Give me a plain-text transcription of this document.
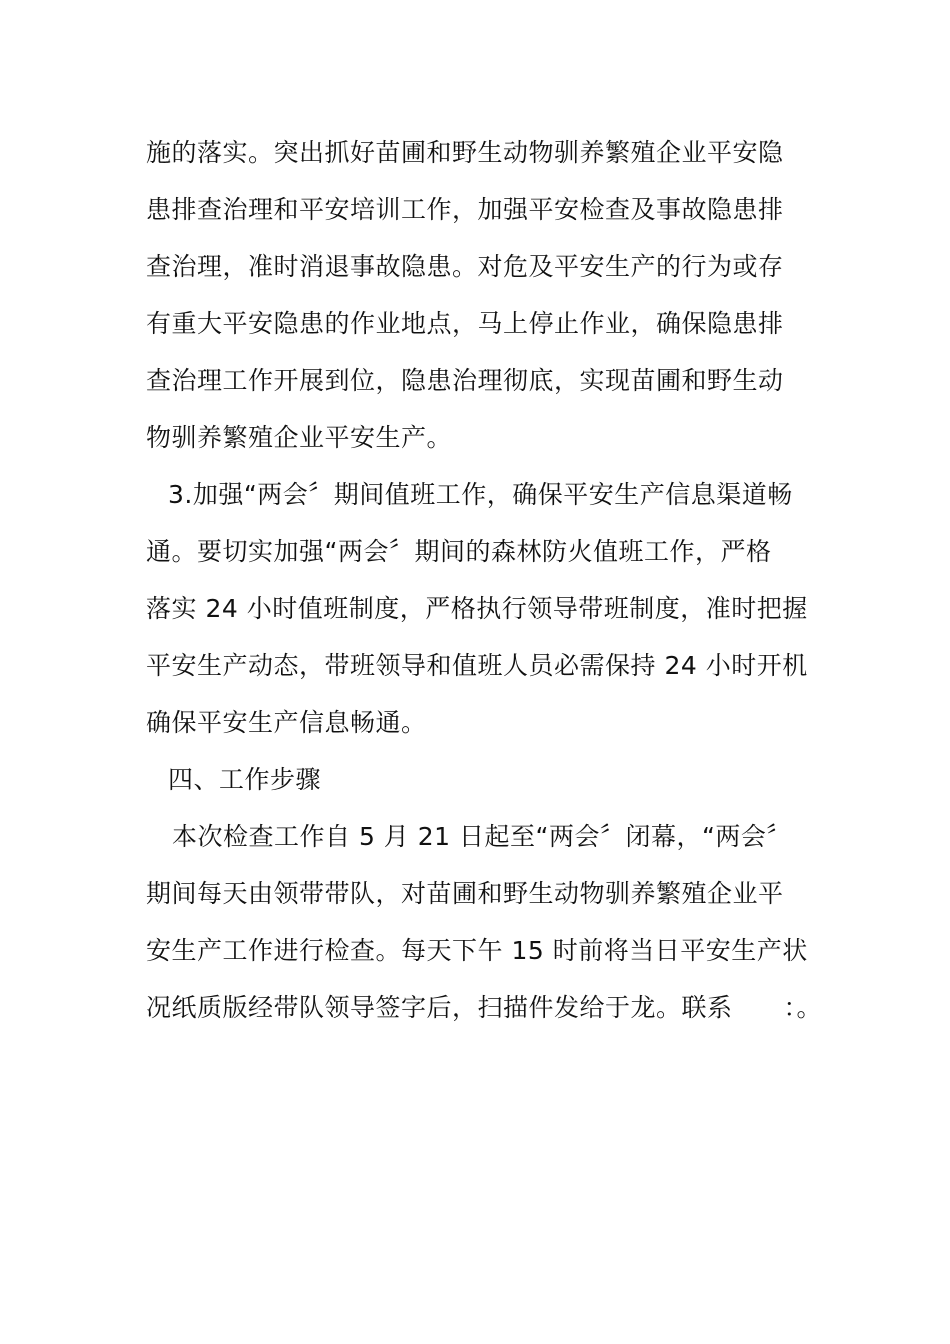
施的落实。突出抓好苗圃和野生动物驯养繁殖企业平安隐
患排查治理和平安培训工作，加强平安检查及事故隐患排
查治理，准时消退事故隐患。对危及平安生产的行为或存
有重大平安隐患的作业地点，马上停止作业，确保隐患排
查治理工作开展到位，隐患治理彻底，实现苗圃和野生动
物驯养繁殖企业平安生产。
3.加强“两会〞期间值班工作，确保平安生产信息渠道畅
通。要切实加强“两会〞期间的森林防火值班工作，严格
落实 24 小时值班制度，严格执行领导带班制度，准时把握
平安生产动态，带班领导和值班人员必需保持 24 小时开机
确保平安生产信息畅通。
四、工作步骤
本次检查工作自 5 月 21 日起至“两会〞闭幕，“两会〞
期间每天由领带带队，对苗圃和野生动物驯养繁殖企业平
安生产工作进行检查。每天下午 15 时前将当日平安生产状
况纸质版经带队领导签字后，扫描件发给于龙。联系　　：。
